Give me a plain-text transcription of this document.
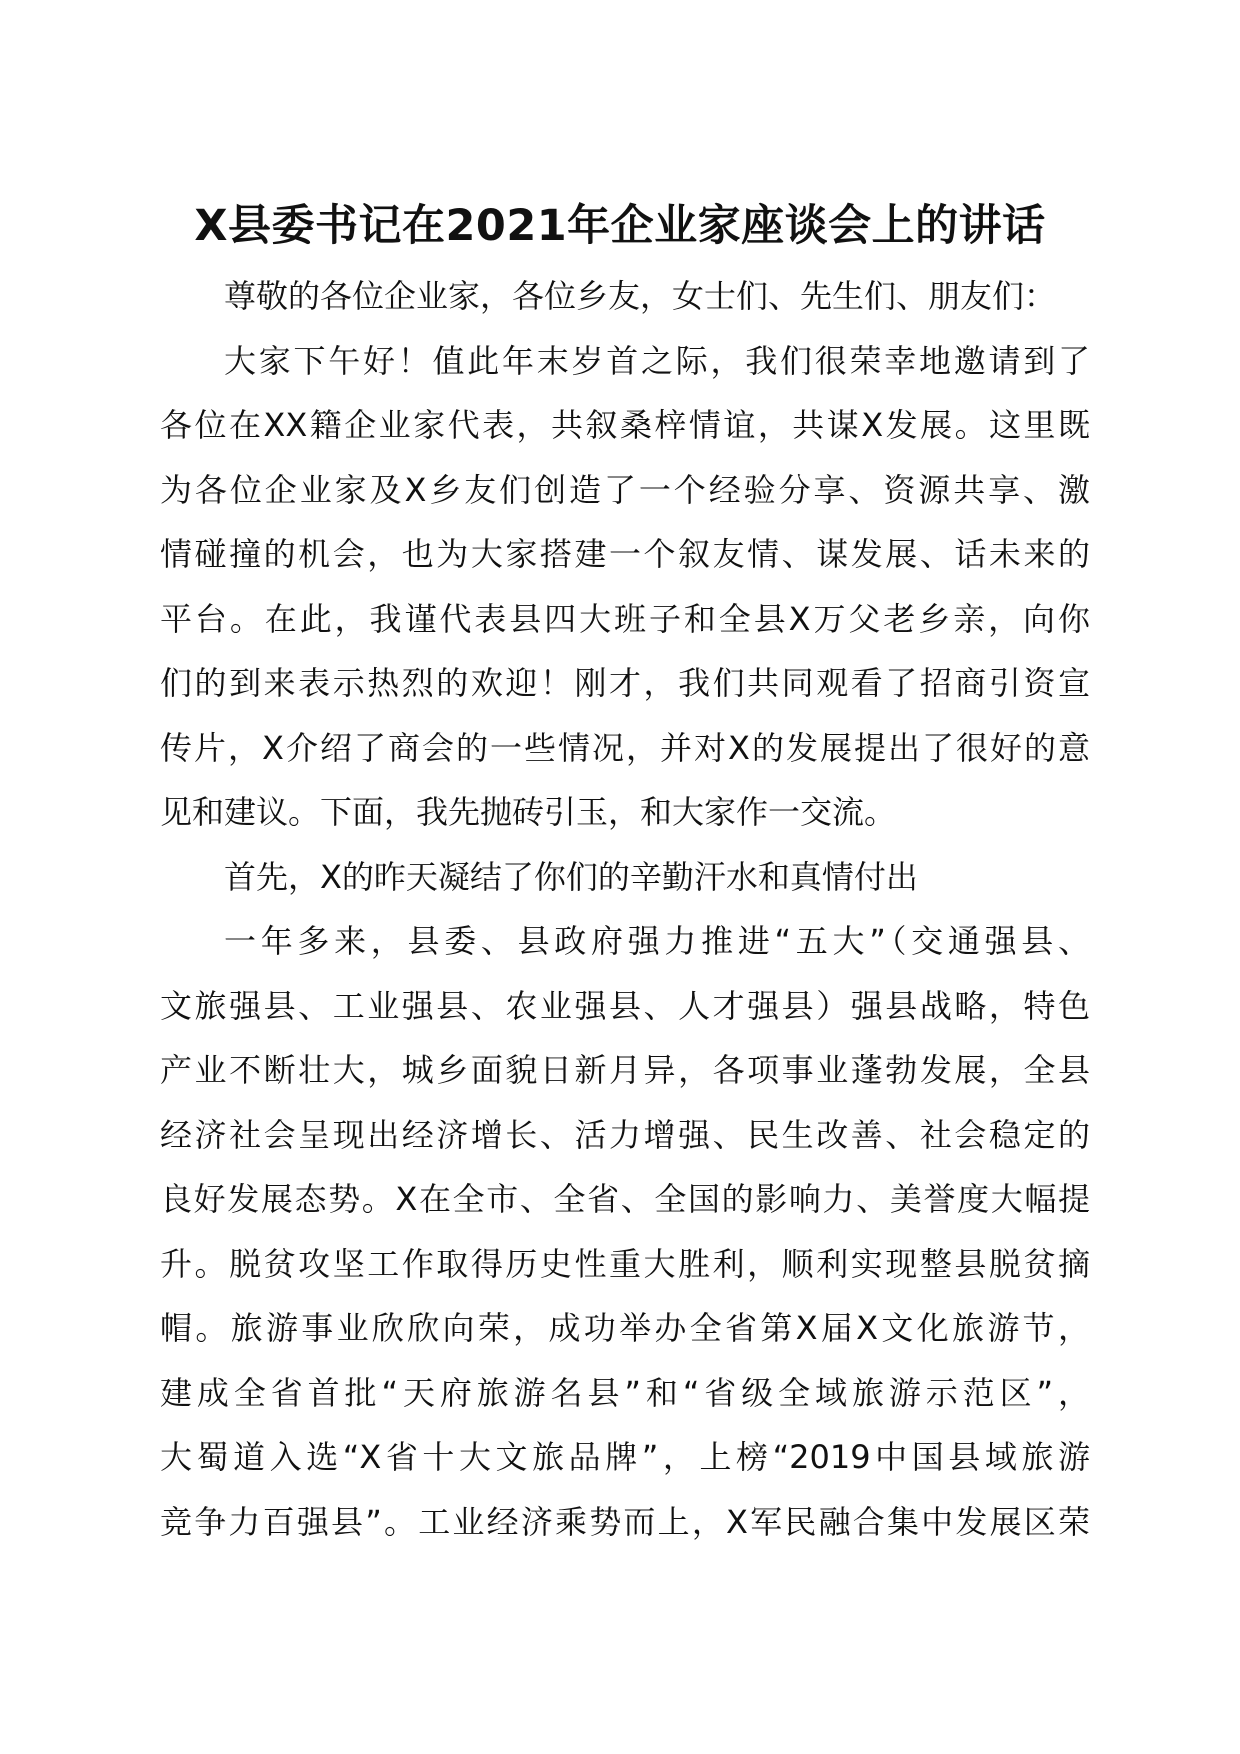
X县委书记在2021年企业家座谈会上的讲话
尊敬的各位企业家，各位乡友，女士们、先生们、朋友们：
大家下午好！值此年末岁首之际，我们很荣幸地邀请到了
各位在XX籍企业家代表，共叙桑梓情谊，共谋X发展。这里既
为各位企业家及X乡友们创造了一个经验分享、资源共享、激
情碰撞的机会，也为大家搭建一个叙友情、谋发展、话未来的
平台。在此，我谨代表县四大班子和全县X万父老乡亲，向你
们的到来表示热烈的欢迎！刚才，我们共同观看了招商引资宣
传片，X介绍了商会的一些情况，并对X的发展提出了很好的意
见和建议。下面，我先抛砖引玉，和大家作一交流。
首先，X的昨天凝结了你们的辛勤汗水和真情付出
一年多来，县委、县政府强力推进“五大”（交通强县、
文旅强县、工业强县、农业强县、人才强县）强县战略，特色
产业不断壮大，城乡面貌日新月异，各项事业蓬勃发展，全县
经济社会呈现出经济增长、活力增强、民生改善、社会稳定的
良好发展态势。X在全市、全省、全国的影响力、美誉度大幅提
升。脱贫攻坚工作取得历史性重大胜利，顺利实现整县脱贫摘
帽。旅游事业欣欣向荣，成功举办全省第X届X文化旅游节，
建成全省首批“天府旅游名县”和“省级全域旅游示范区”，
大蜀道入选“X省十大文旅品牌”，上榜“2019中国县域旅游
竞争力百强县”。工业经济乘势而上，X军民融合集中发展区荣
